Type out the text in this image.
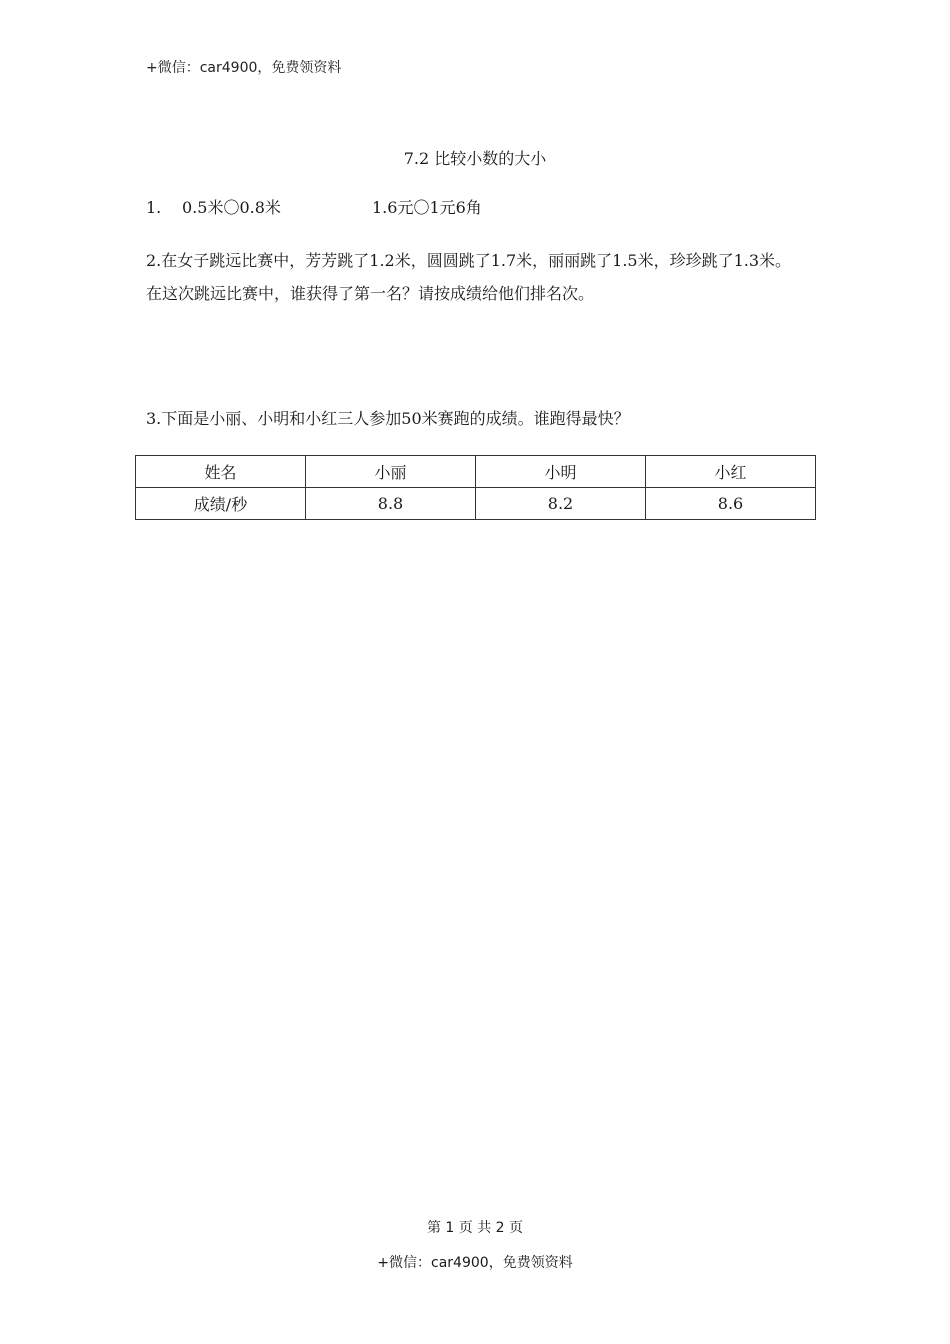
+微信：car4900，免费领资料
7.2 比较小数的大小
1. 0.5米〇0.8米	1.6元〇1元6角
2.在女子跳远比赛中，芳芳跳了1.2米，圆圆跳了1.7米，丽丽跳了1.5米，珍珍跳了1.3米。在这次跳远比赛中，谁获得了第一名？请按成绩给他们排名次。
3.下面是小丽、小明和小红三人参加50米赛跑的成绩。谁跑得最快？
姓名	小丽	小明	小红
成绩/秒	8.8	8.2	8.6
第 1 页 共 2 页
+微信：car4900，免费领资料
